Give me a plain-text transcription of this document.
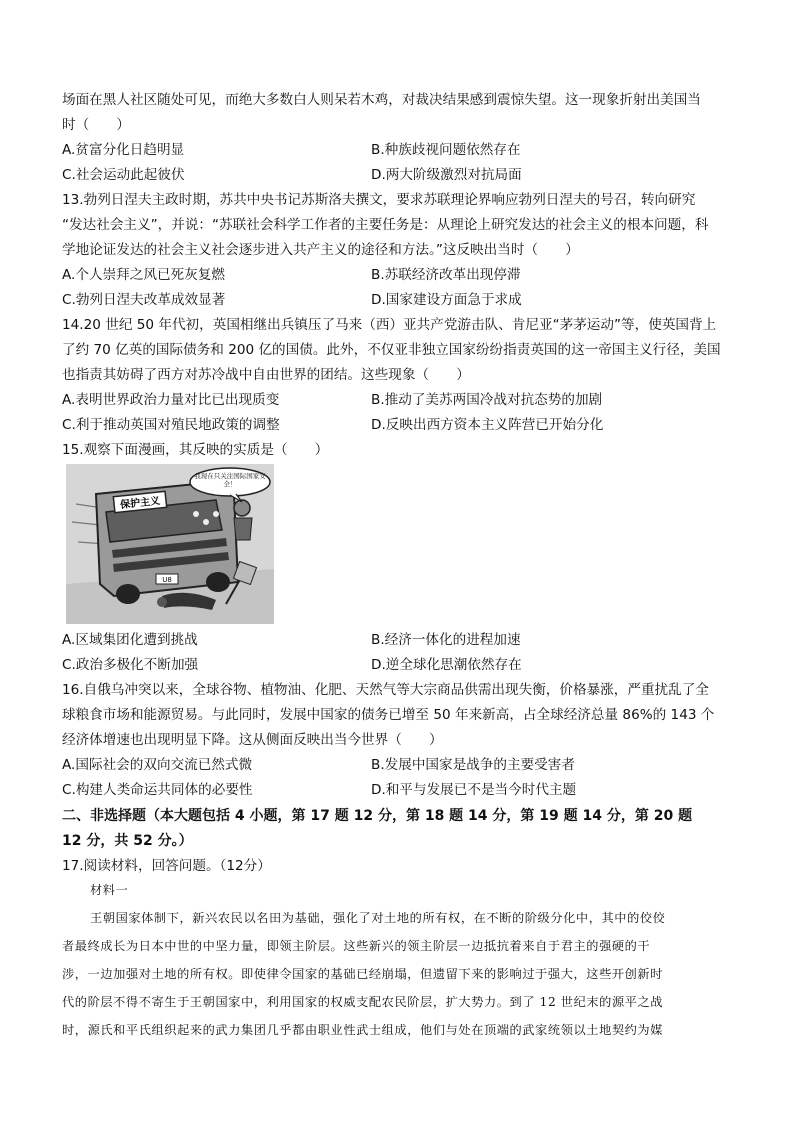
场面在黑人社区随处可见，而绝大多数白人则呆若木鸡，对裁决结果感到震惊失望。这一现象折射出美国当
时（　　）
A.贫富分化日趋明显	B.种族歧视问题依然存在
C.社会运动此起彼伏	D.两大阶级激烈对抗局面
13.勃列日涅夫主政时期，苏共中央书记苏斯洛夫撰文，要求苏联理论界响应勃列日涅夫的号召，转向研究
“发达社会主义”，并说：“苏联社会科学工作者的主要任务是：从理论上研究发达的社会主义的根本问题，科
学地论证发达的社会主义社会逐步进入共产主义的途径和方法。”这反映出当时（　　）
A.个人崇拜之风已死灰复燃	B.苏联经济改革出现停滞
C.勃列日涅夫改革成效显著	D.国家建设方面急于求成
14.20 世纪 50 年代初，英国相继出兵镇压了马来（西）亚共产党游击队、肯尼亚“茅茅运动”等，使英国背上
了约 70 亿英的国际债务和 200 亿的国债。此外，不仅亚非独立国家纷纷指责英国的这一帝国主义行径，美国
也指责其妨碍了西方对苏冷战中自由世界的团结。这些现象（　　）
A.表明世界政治力量对比已出现质变	B.推动了美苏两国冷战对抗态势的加剧
C.利于推动英国对殖民地政策的调整	D.反映出西方资本主义阵营已开始分化
15.观察下面漫画，其反映的实质是（　　）
保护主义
U8
我现在只关注国际国家安全！
A.区域集团化遭到挑战	B.经济一体化的进程加速
C.政治多极化不断加强	D.逆全球化思潮依然存在
16.自俄乌冲突以来，全球谷物、植物油、化肥、天然气等大宗商品供需出现失衡，价格暴涨，严重扰乱了全
球粮食市场和能源贸易。与此同时，发展中国家的债务已增至 50 年来新高，占全球经济总量 86%的 143 个
经济体增速也出现明显下降。这从侧面反映出当今世界（　　）
A.国际社会的双向交流已然式微	B.发展中国家是战争的主要受害者
C.构建人类命运共同体的必要性	D.和平与发展已不是当今时代主题
二、非选择题（本大题包括 4 小题，第 17 题 12 分，第 18 题 14 分，第 19 题 14 分，第 20 题
12 分，共 52 分。）
17.阅读材料，回答问题。（12分）
材料一
王朝国家体制下，新兴农民以名田为基础，强化了对土地的所有权，在不断的阶级分化中，其中的佼佼
者最终成长为日本中世的中坚力量，即领主阶层。这些新兴的领主阶层一边抵抗着来自于君主的强硬的干
涉，一边加强对土地的所有权。即使律令国家的基础已经崩塌，但遗留下来的影响过于强大，这些开创新时
代的阶层不得不寄生于王朝国家中，利用国家的权威支配农民阶层，扩大势力。到了 12 世纪末的源平之战
时，源氏和平氏组织起来的武力集团几乎都由职业性武士组成，他们与处在顶端的武家统领以土地契约为媒
